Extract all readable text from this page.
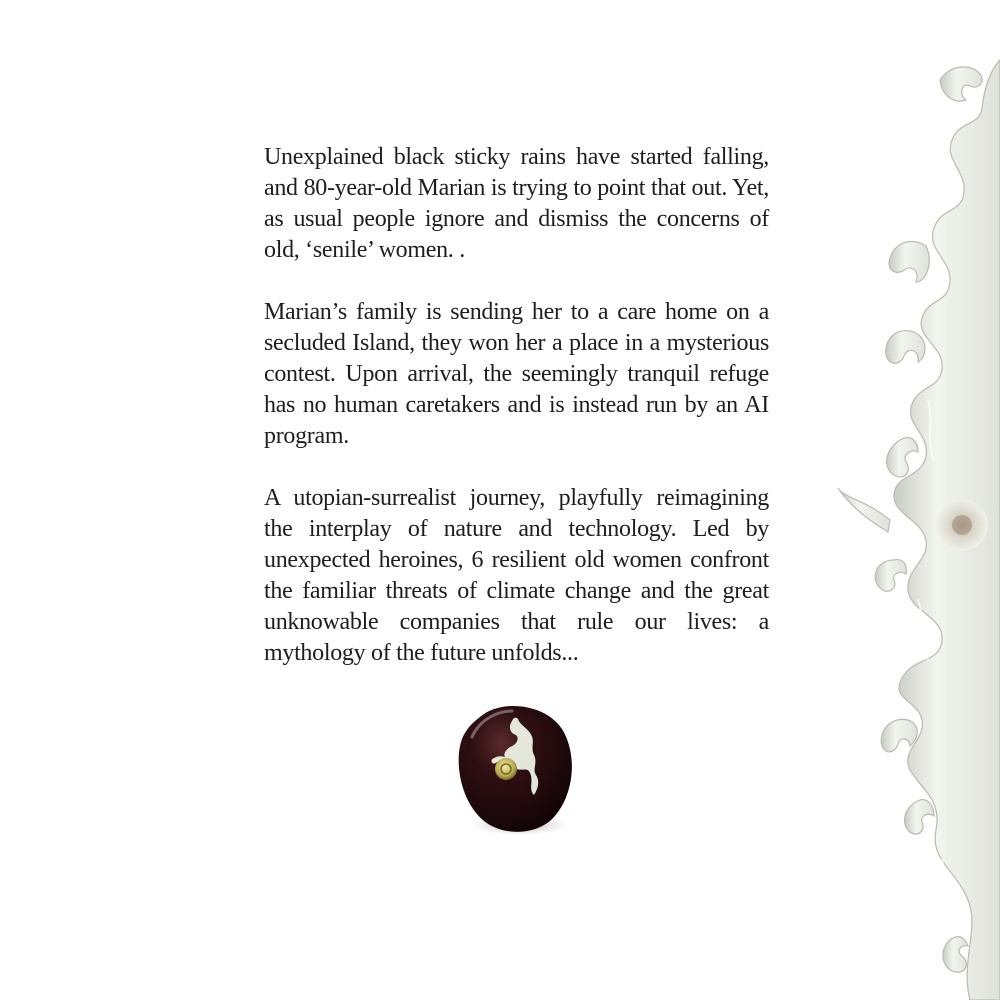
Unexplained black sticky rains have started falling, and 80-year-old Marian is trying to point that out. Yet, as usual people ignore and dismiss the concerns of old, ‘senile’ women. .

Marian’s family is sending her to a care home on a secluded Island, they won her a place in a mysterious contest. Upon arrival, the seemingly tranquil refuge has no human caretakers and is instead run by an AI program.

A utopian-surrealist journey, playfully reimagining the interplay of nature and technology. Led by unexpected heroines, 6 resilient old women confront the familiar threats of climate change and the great unknowable companies that rule our lives: a mythology of the future unfolds...
